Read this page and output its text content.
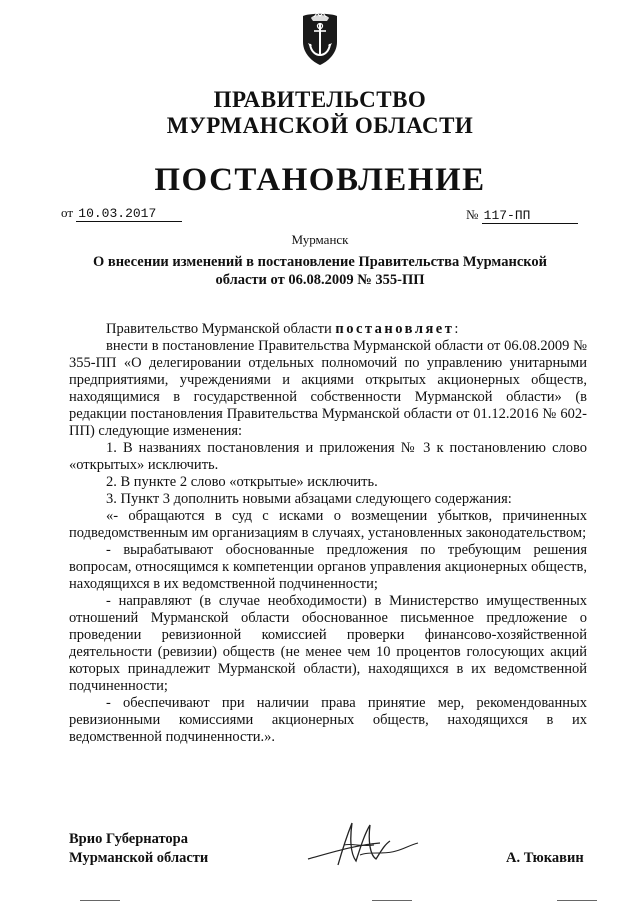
ПРАВИТЕЛЬСТВО
МУРМАНСКОЙ ОБЛАСТИ
ПОСТАНОВЛЕНИЕ
от 10.03.2017	№ 117-ПП
Мурманск
О внесении изменений в постановление Правительства Мурманской
области от 06.08.2009 № 355-ПП

Правительство Мурманской области постановляет:

внести в постановление Правительства Мурманской области от 06.08.2009 № 355-ПП «О делегировании отдельных полномочий по управлению унитарными предприятиями, учреждениями и акциями открытых акционерных обществ, находящимися в государственной собственности Мурманской области» (в редакции постановления Правительства Мурманской области от 01.12.2016 № 602-ПП) следующие изменения:

1. В названиях постановления и приложения № 3 к постановлению слово «открытых» исключить.

2. В пункте 2 слово «открытые» исключить.

3. Пункт 3 дополнить новыми абзацами следующего содержания:

«- обращаются в суд с исками о возмещении убытков, причиненных подведомственным им организациям в случаях, установленных законодательством;

- вырабатывают обоснованные предложения по требующим решения вопросам, относящимся к компетенции органов управления акционерных обществ, находящихся в их ведомственной подчиненности;

- направляют (в случае необходимости) в Министерство имущественных отношений Мурманской области обоснованное письменное предложение о проведении ревизионной комиссией проверки финансово-хозяйственной деятельности (ревизии) обществ (не менее чем 10 процентов голосующих акций которых принадлежит Мурманской области), находящихся в их ведомственной подчиненности;

- обеспечивают при наличии права принятие мер, рекомендованных ревизионными комиссиями акционерных обществ, находящихся в их ведомственной подчиненности.».

Врио Губернатора
Мурманской области	А. Тюкавин
